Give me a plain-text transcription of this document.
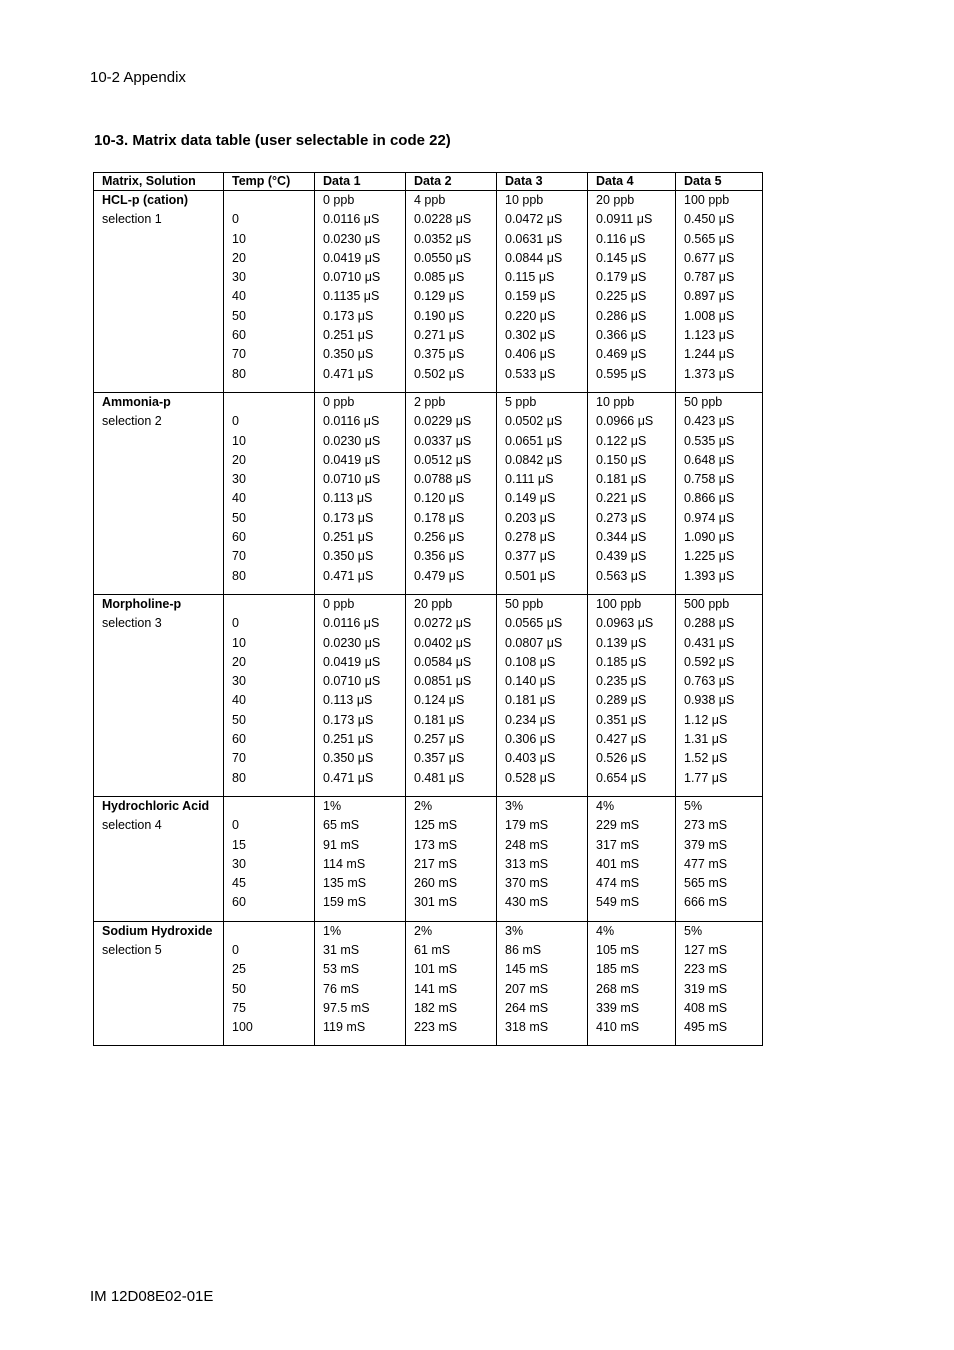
10-2 Appendix
10-3. Matrix data table (user selectable in code 22)
Matrix, Solution	Temp (°C)	Data 1	Data 2	Data 3	Data 4	Data 5
HCL-p (cation)		0 ppb	4 ppb	10 ppb	20 ppb	100 ppb
selection 1	0	0.0116 μS	0.0228 μS	0.0472 μS	0.0911 μS	0.450 μS
	10	0.0230 μS	0.0352 μS	0.0631 μS	0.116 μS	0.565 μS
	20	0.0419 μS	0.0550 μS	0.0844 μS	0.145 μS	0.677 μS
	30	0.0710 μS	0.085 μS	0.115 μS	0.179 μS	0.787 μS
	40	0.1135 μS	0.129 μS	0.159 μS	0.225 μS	0.897 μS
	50	0.173 μS	0.190 μS	0.220 μS	0.286 μS	1.008 μS
	60	0.251 μS	0.271 μS	0.302 μS	0.366 μS	1.123 μS
	70	0.350 μS	0.375 μS	0.406 μS	0.469 μS	1.244 μS
	80	0.471 μS	0.502 μS	0.533 μS	0.595 μS	1.373 μS

Ammonia-p		0 ppb	2 ppb	5 ppb	10 ppb	50 ppb
selection 2	0	0.0116 μS	0.0229 μS	0.0502 μS	0.0966 μS	0.423 μS
	10	0.0230 μS	0.0337 μS	0.0651 μS	0.122 μS	0.535 μS
	20	0.0419 μS	0.0512 μS	0.0842 μS	0.150 μS	0.648 μS
	30	0.0710 μS	0.0788 μS	0.111 μS	0.181 μS	0.758 μS
	40	0.113 μS	0.120 μS	0.149 μS	0.221 μS	0.866 μS
	50	0.173 μS	0.178 μS	0.203 μS	0.273 μS	0.974 μS
	60	0.251 μS	0.256 μS	0.278 μS	0.344 μS	1.090 μS
	70	0.350 μS	0.356 μS	0.377 μS	0.439 μS	1.225 μS
	80	0.471 μS	0.479 μS	0.501 μS	0.563 μS	1.393 μS

Morpholine-p		0 ppb	20 ppb	50 ppb	100 ppb	500 ppb
selection 3	0	0.0116 μS	0.0272 μS	0.0565 μS	0.0963 μS	0.288 μS
	10	0.0230 μS	0.0402 μS	0.0807 μS	0.139 μS	0.431 μS
	20	0.0419 μS	0.0584 μS	0.108 μS	0.185 μS	0.592 μS
	30	0.0710 μS	0.0851 μS	0.140 μS	0.235 μS	0.763 μS
	40	0.113 μS	0.124 μS	0.181 μS	0.289 μS	0.938 μS
	50	0.173 μS	0.181 μS	0.234 μS	0.351 μS	1.12 μS
	60	0.251 μS	0.257 μS	0.306 μS	0.427 μS	1.31 μS
	70	0.350 μS	0.357 μS	0.403 μS	0.526 μS	1.52 μS
	80	0.471 μS	0.481 μS	0.528 μS	0.654 μS	1.77 μS

Hydrochloric Acid		1%	2%	3%	4%	5%
selection 4	0	65 mS	125 mS	179 mS	229 mS	273 mS
	15	91 mS	173 mS	248 mS	317 mS	379 mS
	30	114 mS	217 mS	313 mS	401 mS	477 mS
	45	135 mS	260 mS	370 mS	474 mS	565 mS
	60	159 mS	301 mS	430 mS	549 mS	666 mS

Sodium Hydroxide		1%	2%	3%	4%	5%
selection 5	0	31 mS	61 mS	86 mS	105 mS	127 mS
	25	53 mS	101 mS	145 mS	185 mS	223 mS
	50	76 mS	141 mS	207 mS	268 mS	319 mS
	75	97.5 mS	182 mS	264 mS	339 mS	408 mS
	100	119 mS	223 mS	318 mS	410 mS	495 mS

IM 12D08E02-01E
